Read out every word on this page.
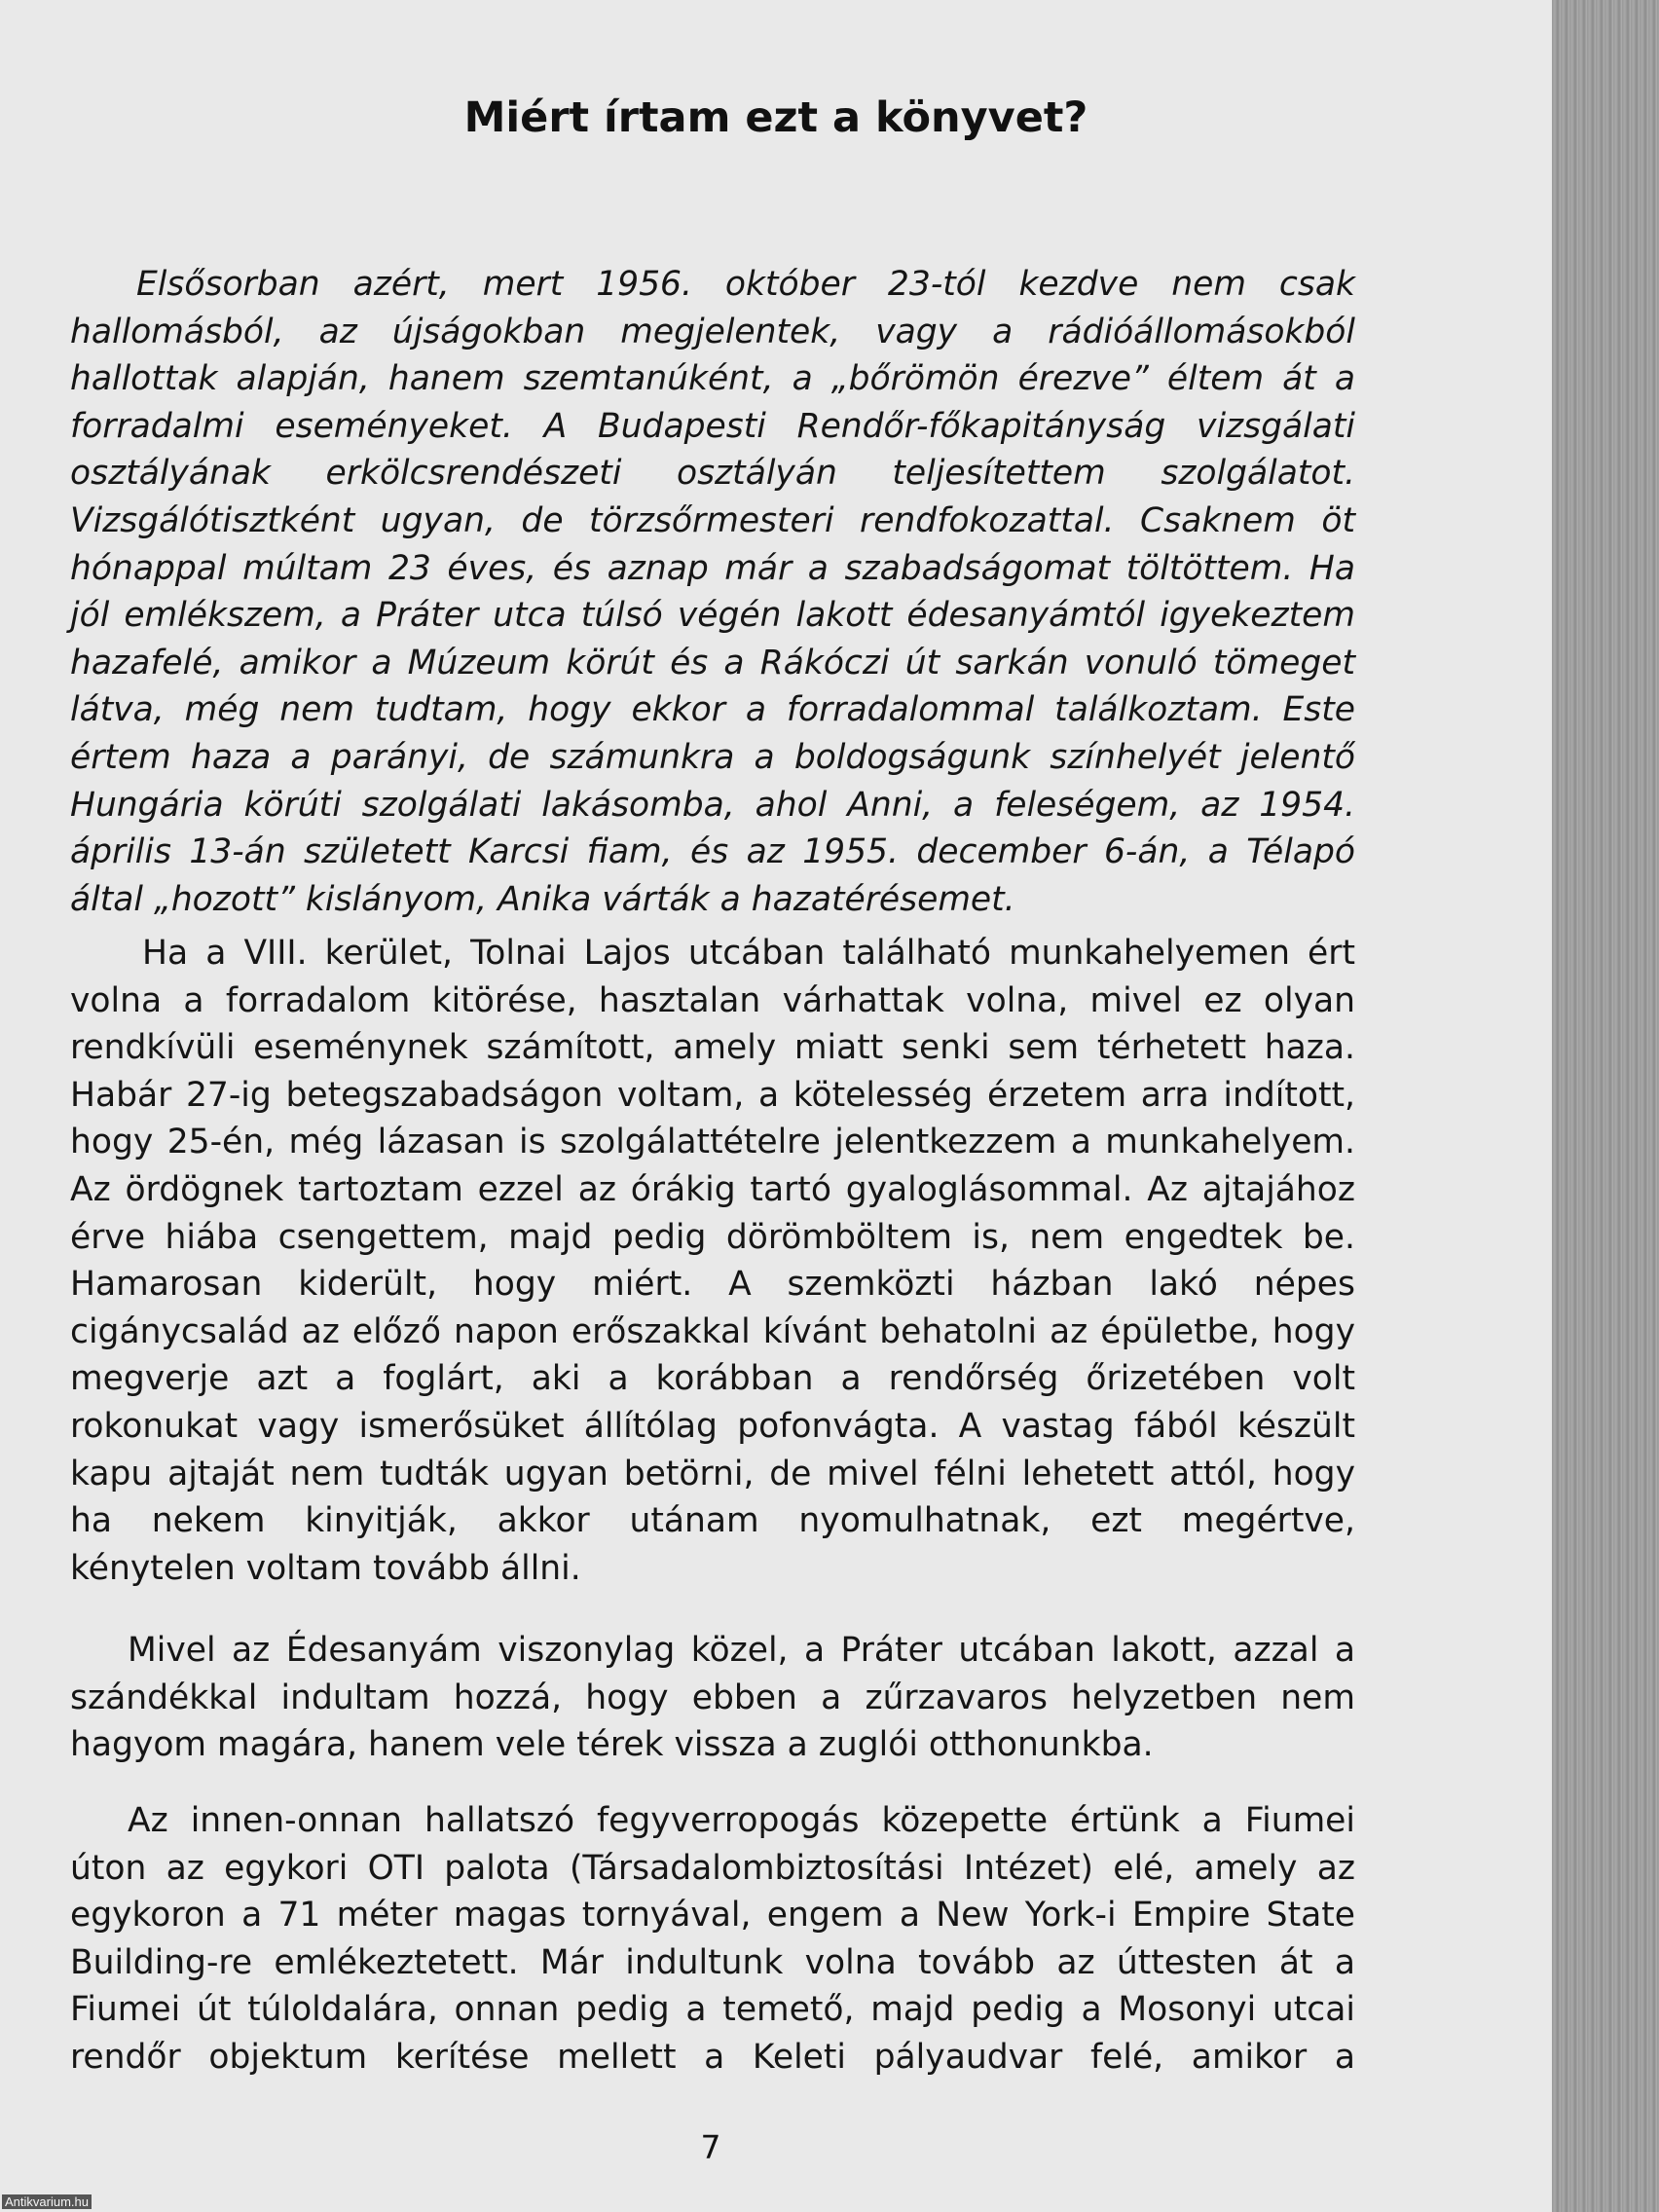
Miért írtam ezt a könyvet?
Elsősorban azért, mert 1956. október 23-tól kezdve nem csak
hallomásból, az újságokban megjelentek, vagy a rádióállomásokból
hallottak alapján, hanem szemtanúként, a „bőrömön érezve” éltem át a
forradalmi eseményeket. A Budapesti Rendőr-főkapitányság vizsgálati
osztályának erkölcsrendészeti osztályán teljesítettem szolgálatot.
Vizsgálótisztként ugyan, de törzsőrmesteri rendfokozattal. Csaknem öt
hónappal múltam 23 éves, és aznap már a szabadságomat töltöttem. Ha
jól emlékszem, a Práter utca túlsó végén lakott édesanyámtól igyekeztem
hazafelé, amikor a Múzeum körút és a Rákóczi út sarkán vonuló tömeget
látva, még nem tudtam, hogy ekkor a forradalommal találkoztam. Este
értem haza a parányi, de számunkra a boldogságunk színhelyét jelentő
Hungária körúti szolgálati lakásomba, ahol Anni, a feleségem, az 1954.
április 13-án született Karcsi fiam, és az 1955. december 6-án, a Télapó
által „hozott” kislányom, Anika várták a hazatérésemet.
Ha a VIII. kerület, Tolnai Lajos utcában található munkahelyemen ért
volna a forradalom kitörése, hasztalan várhattak volna, mivel ez olyan
rendkívüli eseménynek számított, amely miatt senki sem térhetett haza.
Habár 27-ig betegszabadságon voltam, a kötelesség érzetem arra indított,
hogy 25-én, még lázasan is szolgálattételre jelentkezzem a munkahelyem.
Az ördögnek tartoztam ezzel az órákig tartó gyaloglásommal. Az ajtajához
érve hiába csengettem, majd pedig dörömböltem is, nem engedtek be.
Hamarosan kiderült, hogy miért. A szemközti házban lakó népes
cigánycsalád az előző napon erőszakkal kívánt behatolni az épületbe, hogy
megverje azt a foglárt, aki a korábban a rendőrség őrizetében volt
rokonukat vagy ismerősüket állítólag pofonvágta. A vastag fából készült
kapu ajtaját nem tudták ugyan betörni, de mivel félni lehetett attól, hogy
ha nekem kinyitják, akkor utánam nyomulhatnak, ezt megértve,
kénytelen voltam tovább állni.
Mivel az Édesanyám viszonylag közel, a Práter utcában lakott, azzal a
szándékkal indultam hozzá, hogy ebben a zűrzavaros helyzetben nem
hagyom magára, hanem vele térek vissza a zuglói otthonunkba.
Az innen-onnan hallatszó fegyverropogás közepette értünk a Fiumei
úton az egykori OTI palota (Társadalombiztosítási Intézet) elé, amely az
egykoron a 71 méter magas tornyával, engem a New York-i Empire State
Building-re emlékeztetett. Már indultunk volna tovább az úttesten át a
Fiumei út túloldalára, onnan pedig a temető, majd pedig a Mosonyi utcai
rendőr objektum kerítése mellett a Keleti pályaudvar felé, amikor a
7
Antikvarium.hu
